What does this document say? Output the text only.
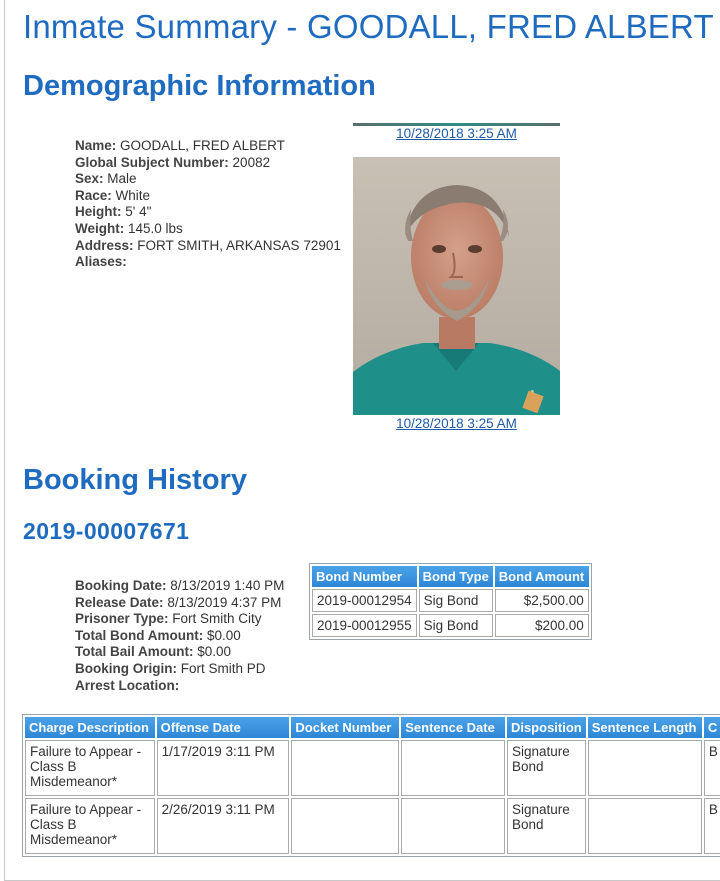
Inmate Summary - GOODALL, FRED ALBERT
Demographic Information
Name: GOODALL, FRED ALBERT
Global Subject Number: 20082
Sex: Male
Race: White
Height: 5' 4"
Weight: 145.0 lbs
Address: FORT SMITH, ARKANSAS 72901
Aliases:
10/28/2018 3:25 AM
10/28/2018 3:25 AM
Booking History
2019-00007671
Booking Date: 8/13/2019 1:40 PM
Release Date: 8/13/2019 4:37 PM
Prisoner Type: Fort Smith City
Total Bond Amount: $0.00
Total Bail Amount: $0.00
Booking Origin: Fort Smith PD
Arrest Location:
Bond Number	Bond Type	Bond Amount
2019-00012954	Sig Bond	$2,500.00
2019-00012955	Sig Bond	$200.00
Charge Description	Offense Date	Docket Number	Sentence Date	Disposition	Sentence Length	C
Failure to Appear - Class B Misdemeanor*	1/17/2019 3:11 PM			Signature Bond		B
Failure to Appear - Class B Misdemeanor*	2/26/2019 3:11 PM			Signature Bond		B
